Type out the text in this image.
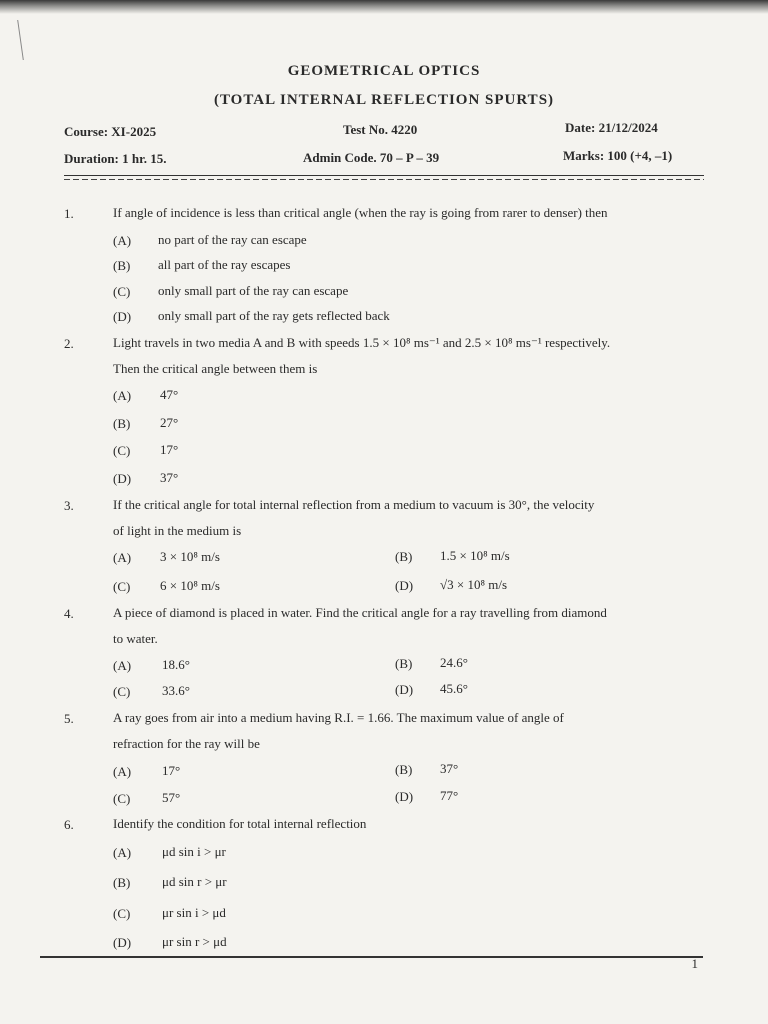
GEOMETRICAL OPTICS
(TOTAL INTERNAL REFLECTION SPURTS)
Course: XI-2025	Test No. 4220	Date: 21/12/2024
Duration: 1 hr. 15.	Admin Code. 70 – P – 39	Marks: 100 (+4, –1)
1.	If angle of incidence is less than critical angle (when the ray is going from rarer to denser) then
(A) no part of the ray can escape
(B) all part of the ray escapes
(C) only small part of the ray can escape
(D) only small part of the ray gets reflected back
2.	Light travels in two media A and B with speeds 1.5 × 10⁸ ms⁻¹ and 2.5 × 10⁸ ms⁻¹ respectively.
Then the critical angle between them is
(A) 47°
(B) 27°
(C) 17°
(D) 37°
3.	If the critical angle for total internal reflection from a medium to vacuum is 30°, the velocity
of light in the medium is
(A) 3 × 10⁸ m/s	(B) 1.5 × 10⁸ m/s
(C) 6 × 10⁸ m/s	(D) √3 × 10⁸ m/s
4.	A piece of diamond is placed in water. Find the critical angle for a ray travelling from diamond
to water.
(A) 18.6°	(B) 24.6°
(C) 33.6°	(D) 45.6°
5.	A ray goes from air into a medium having R.I. = 1.66. The maximum value of angle of
refraction for the ray will be
(A) 17°	(B) 37°
(C) 57°	(D) 77°
6.	Identify the condition for total internal reflection
(A) μd sin i > μr
(B) μd sin r > μr
(C) μr sin i > μd
(D) μr sin r > μd
1
